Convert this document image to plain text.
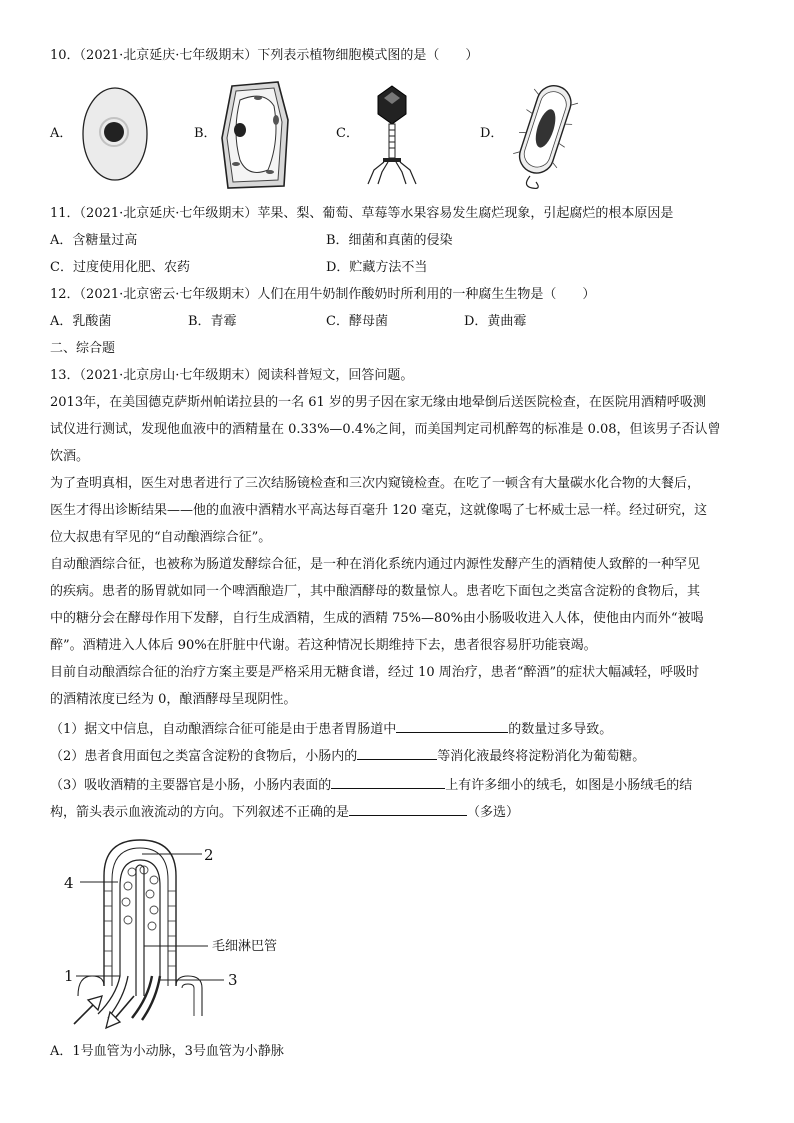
10．（2021·北京延庆·七年级期末）下列表示植物细胞模式图的是（　　）
A．	B．	C．	D．
11．（2021·北京延庆·七年级期末）苹果、梨、葡萄、草莓等水果容易发生腐烂现象，引起腐烂的根本原因是
A．含糖量过高	B．细菌和真菌的侵染
C．过度使用化肥、农药	D．贮藏方法不当
12．（2021·北京密云·七年级期末）人们在用牛奶制作酸奶时所利用的一种腐生生物是（　　）
A．乳酸菌	B．青霉	C．酵母菌	D．黄曲霉
二、综合题
13．（2021·北京房山·七年级期末）阅读科普短文，回答问题。
2013年，在美国德克萨斯州帕诺拉县的一名 61 岁的男子因在家无缘由地晕倒后送医院检查，在医院用酒精呼吸测
试仪进行测试，发现他血液中的酒精量在 0.33%—0.4%之间，而美国判定司机醉驾的标准是 0.08，但该男子否认曾
饮酒。
为了查明真相，医生对患者进行了三次结肠镜检查和三次内窥镜检查。在吃了一顿含有大量碳水化合物的大餐后，
医生才得出诊断结果——他的血液中酒精水平高达每百毫升 120 毫克，这就像喝了七杯威士忌一样。经过研究，这
位大叔患有罕见的“自动酿酒综合征”。
自动酿酒综合征，也被称为肠道发酵综合征，是一种在消化系统内通过内源性发酵产生的酒精使人致醉的一种罕见
的疾病。患者的肠胃就如同一个啤酒酿造厂，其中酿酒酵母的数量惊人。患者吃下面包之类富含淀粉的食物后，其
中的糖分会在酵母作用下发酵，自行生成酒精，生成的酒精 75%—80%由小肠吸收进入人体，使他由内而外“被喝
醉”。酒精进入人体后 90%在肝脏中代谢。若这种情况长期维持下去，患者很容易肝功能衰竭。
目前自动酿酒综合征的治疗方案主要是严格采用无糖食谱，经过 10 周治疗，患者“醉酒”的症状大幅减轻，呼吸时
的酒精浓度已经为 0，酿酒酵母呈现阴性。
（1）据文中信息，自动酿酒综合征可能是由于患者胃肠道中	的数量过多导致。
（2）患者食用面包之类富含淀粉的食物后，小肠内的	等消化液最终将淀粉消化为葡萄糖。
（3）吸收酒精的主要器官是小肠，小肠内表面的	上有许多细小的绒毛，如图是小肠绒毛的结
构，箭头表示血液流动的方向。下列叙述不正确的是	（多选）
4
2
毛细淋巴管
1	3
A．1号血管为小动脉，3号血管为小静脉
